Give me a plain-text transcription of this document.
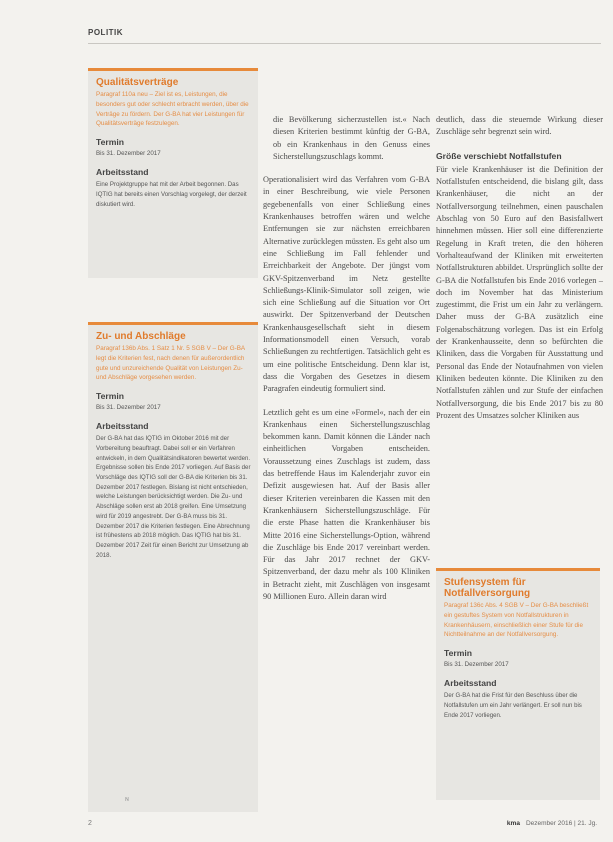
POLITIK
Qualitätsverträge
Paragraf 110a neu – Ziel ist es, Leistungen, die besonders gut oder schlecht erbracht werden, über die Verträge zu fördern. Der G-BA hat vier Leistungen für Qualitätsverträge festzulegen.
Termin
Bis 31. Dezember 2017
Arbeitsstand
Eine Projektgruppe hat mit der Arbeit begonnen. Das IQTIG hat bereits einen Vorschlag vorgelegt, der derzeit diskutiert wird.
Zu- und Abschläge
Paragraf 136b Abs. 1 Satz 1 Nr. 5 SGB V – Der G-BA legt die Kriterien fest, nach denen für außerordentlich gute und unzureichende Qualität von Leistungen Zu- und Abschläge vorgesehen werden.
Termin
Bis 31. Dezember 2017
Arbeitsstand
Der G-BA hat das IQTIG im Oktober 2016 mit der Vorbereitung beauftragt. Dabei soll er ein Verfahren entwickeln, in dem Qualitätsindikatoren bewertet werden. Ergebnisse sollen bis Ende 2017 vorliegen. Auf Basis der Vorschläge des IQTIG soll der G-BA die Kriterien bis 31. Dezember 2017 festlegen. Bislang ist nicht entschieden, welche Leistungen berücksichtigt werden. Die Zu- und Abschläge sollen erst ab 2018 greifen. Eine Umsetzung wird für 2019 angestrebt. Der G-BA muss bis 31. Dezember 2017 die Kriterien festlegen. Eine Abrechnung ist frühestens ab 2018 möglich. Das IQTIG hat bis 31. Dezember 2017 Zeit für einen Bericht zur Umsetzung ab 2018.

die Bevölkerung sicherzustellen ist.« Nach diesen Kriterien bestimmt künftig der G-BA, ob ein Krankenhaus in den Genuss eines Sicherstellungszuschlags kommt.

Operationalisiert wird das Verfahren vom G-BA in einer Beschreibung, wie viele Personen gegebenenfalls von einer Schließung eines Krankenhauses betroffen wären und welche Entfernungen sie zur nächsten erreichbaren Alternative zurücklegen müssten. Es geht also um eine Schließung im Fall fehlender und Erreichbarkeit der Angebote. Der jüngst vom GKV-Spitzenverband im Netz gestellte Schließungs-Klinik-Simulator soll zeigen, wie sich eine Schließung auf die Situation vor Ort auswirkt. Der Spitzenverband der Deutschen Krankenhausgesellschaft sieht in diesem Informationsmodell einen Versuch, vorab Schließungen zu rechtfertigen. Tatsächlich geht es um eine politische Entscheidung. Denn klar ist, dass die Vorgaben des Gesetzes in diesem Paragrafen eindeutig formuliert sind.

Letztlich geht es um eine »Formel«, nach der ein Krankenhaus einen Sicherstellungszuschlag bekommen kann. Damit können die Länder nach einheitlichen Vorgaben entscheiden. Voraussetzung eines Zuschlags ist zudem, dass das betreffende Haus im Kalenderjahr zuvor ein Defizit ausgewiesen hat. Auf der Basis aller dieser Kriterien vereinbaren die Kassen mit den Krankenhäusern Sicherstellungszuschläge. Für die erste Phase hatten die Krankenhäuser bis Mitte 2016 eine Sicherstellungs-Option, während die Zuschläge bis Ende 2017 vereinbart werden. Für das Jahr 2017 rechnet der GKV-Spitzenverband, der dazu mehr als 100 Kliniken in Betracht zieht, mit Zuschlägen von insgesamt 90 Millionen Euro. Allein daran wird

deutlich, dass die steuernde Wirkung dieser Zuschläge sehr begrenzt sein wird.

Größe verschiebt Notfallstufen

Für viele Krankenhäuser ist die Definition der Notfallstufen entscheidend, die bislang gilt, dass Krankenhäuser, die nicht an der Notfallversorgung teilnehmen, einen pauschalen Abschlag von 50 Euro auf den Basisfallwert hinnehmen müssen. Hier soll eine differenzierte Regelung in Kraft treten, die den höheren Vorhalteaufwand der Kliniken mit erweiterten Notfallstrukturen abbildet. Ursprünglich sollte der G-BA die Notfallstufen bis Ende 2016 vorlegen – doch im November hat das Ministerium zugestimmt, die Frist um ein Jahr zu verlängern. Daher muss der G-BA zusätzlich eine Folgenabschätzung vorlegen. Das ist ein Erfolg der Krankenhausseite, denn so befürchten die Kliniken, dass die Vorgaben für Ausstattung und Personal das Ende der Notaufnahmen von vielen Kliniken bedeuten könnte. Die Kliniken zu den Notfallstufen zählen und zur Stufe der einfachen Notfallversorgung, die bis Ende 2017 bis zu 80 Prozent des Umsatzes solcher Kliniken aus

Stufensystem für Notfallversorgung
Paragraf 136c Abs. 4 SGB V – Der G-BA beschließt ein gestuftes System von Notfallstrukturen in Krankenhäusern, einschließlich einer Stufe für die Nichtteilnahme an der Notfallversorgung.
Termin
Bis 31. Dezember 2017
Arbeitsstand
Der G-BA hat die Frist für den Beschluss über die Notfallstufen um ein Jahr verlängert. Er soll nun bis Ende 2017 vorliegen.
ɴ
2	kma Dezember 2016 | 21. Jg.
